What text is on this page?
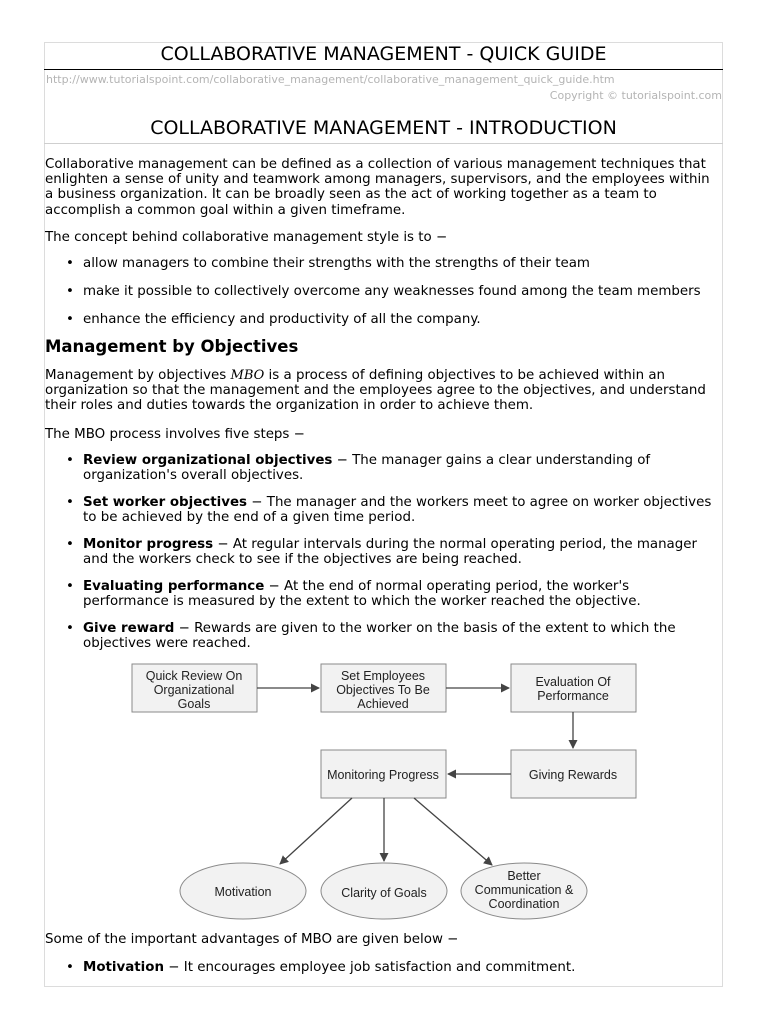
COLLABORATIVE MANAGEMENT - QUICK GUIDE
http://www.tutorialspoint.com/collaborative_management/collaborative_management_quick_guide.htm
Copyright © tutorialspoint.com
COLLABORATIVE MANAGEMENT - INTRODUCTION
Collaborative management can be defined as a collection of various management techniques that
enlighten a sense of unity and teamwork among managers, supervisors, and the employees within
a business organization. It can be broadly seen as the act of working together as a team to
accomplish a common goal within a given timeframe.
The concept behind collaborative management style is to −
• allow managers to combine their strengths with the strengths of their team
• make it possible to collectively overcome any weaknesses found among the team members
• enhance the efficiency and productivity of all the company.
Management by Objectives
Management by objectives MBO is a process of defining objectives to be achieved within an
organization so that the management and the employees agree to the objectives, and understand
their roles and duties towards the organization in order to achieve them.
The MBO process involves five steps −
• Review organizational objectives − The manager gains a clear understanding of
organization's overall objectives.
• Set worker objectives − The manager and the workers meet to agree on worker objectives
to be achieved by the end of a given time period.
• Monitor progress − At regular intervals during the normal operating period, the manager
and the workers check to see if the objectives are being reached.
• Evaluating performance − At the end of normal operating period, the worker's
performance is measured by the extent to which the worker reached the objective.
• Give reward − Rewards are given to the worker on the basis of the extent to which the
objectives were reached.
Quick Review On
Organizational
Goals
Set Employees
Objectives To Be
Achieved
Evaluation Of
Performance
Monitoring Progress	Giving Rewards
Motivation	Clarity of Goals
Better
Communication &
Coordination
Some of the important advantages of MBO are given below −
• Motivation − It encourages employee job satisfaction and commitment.
